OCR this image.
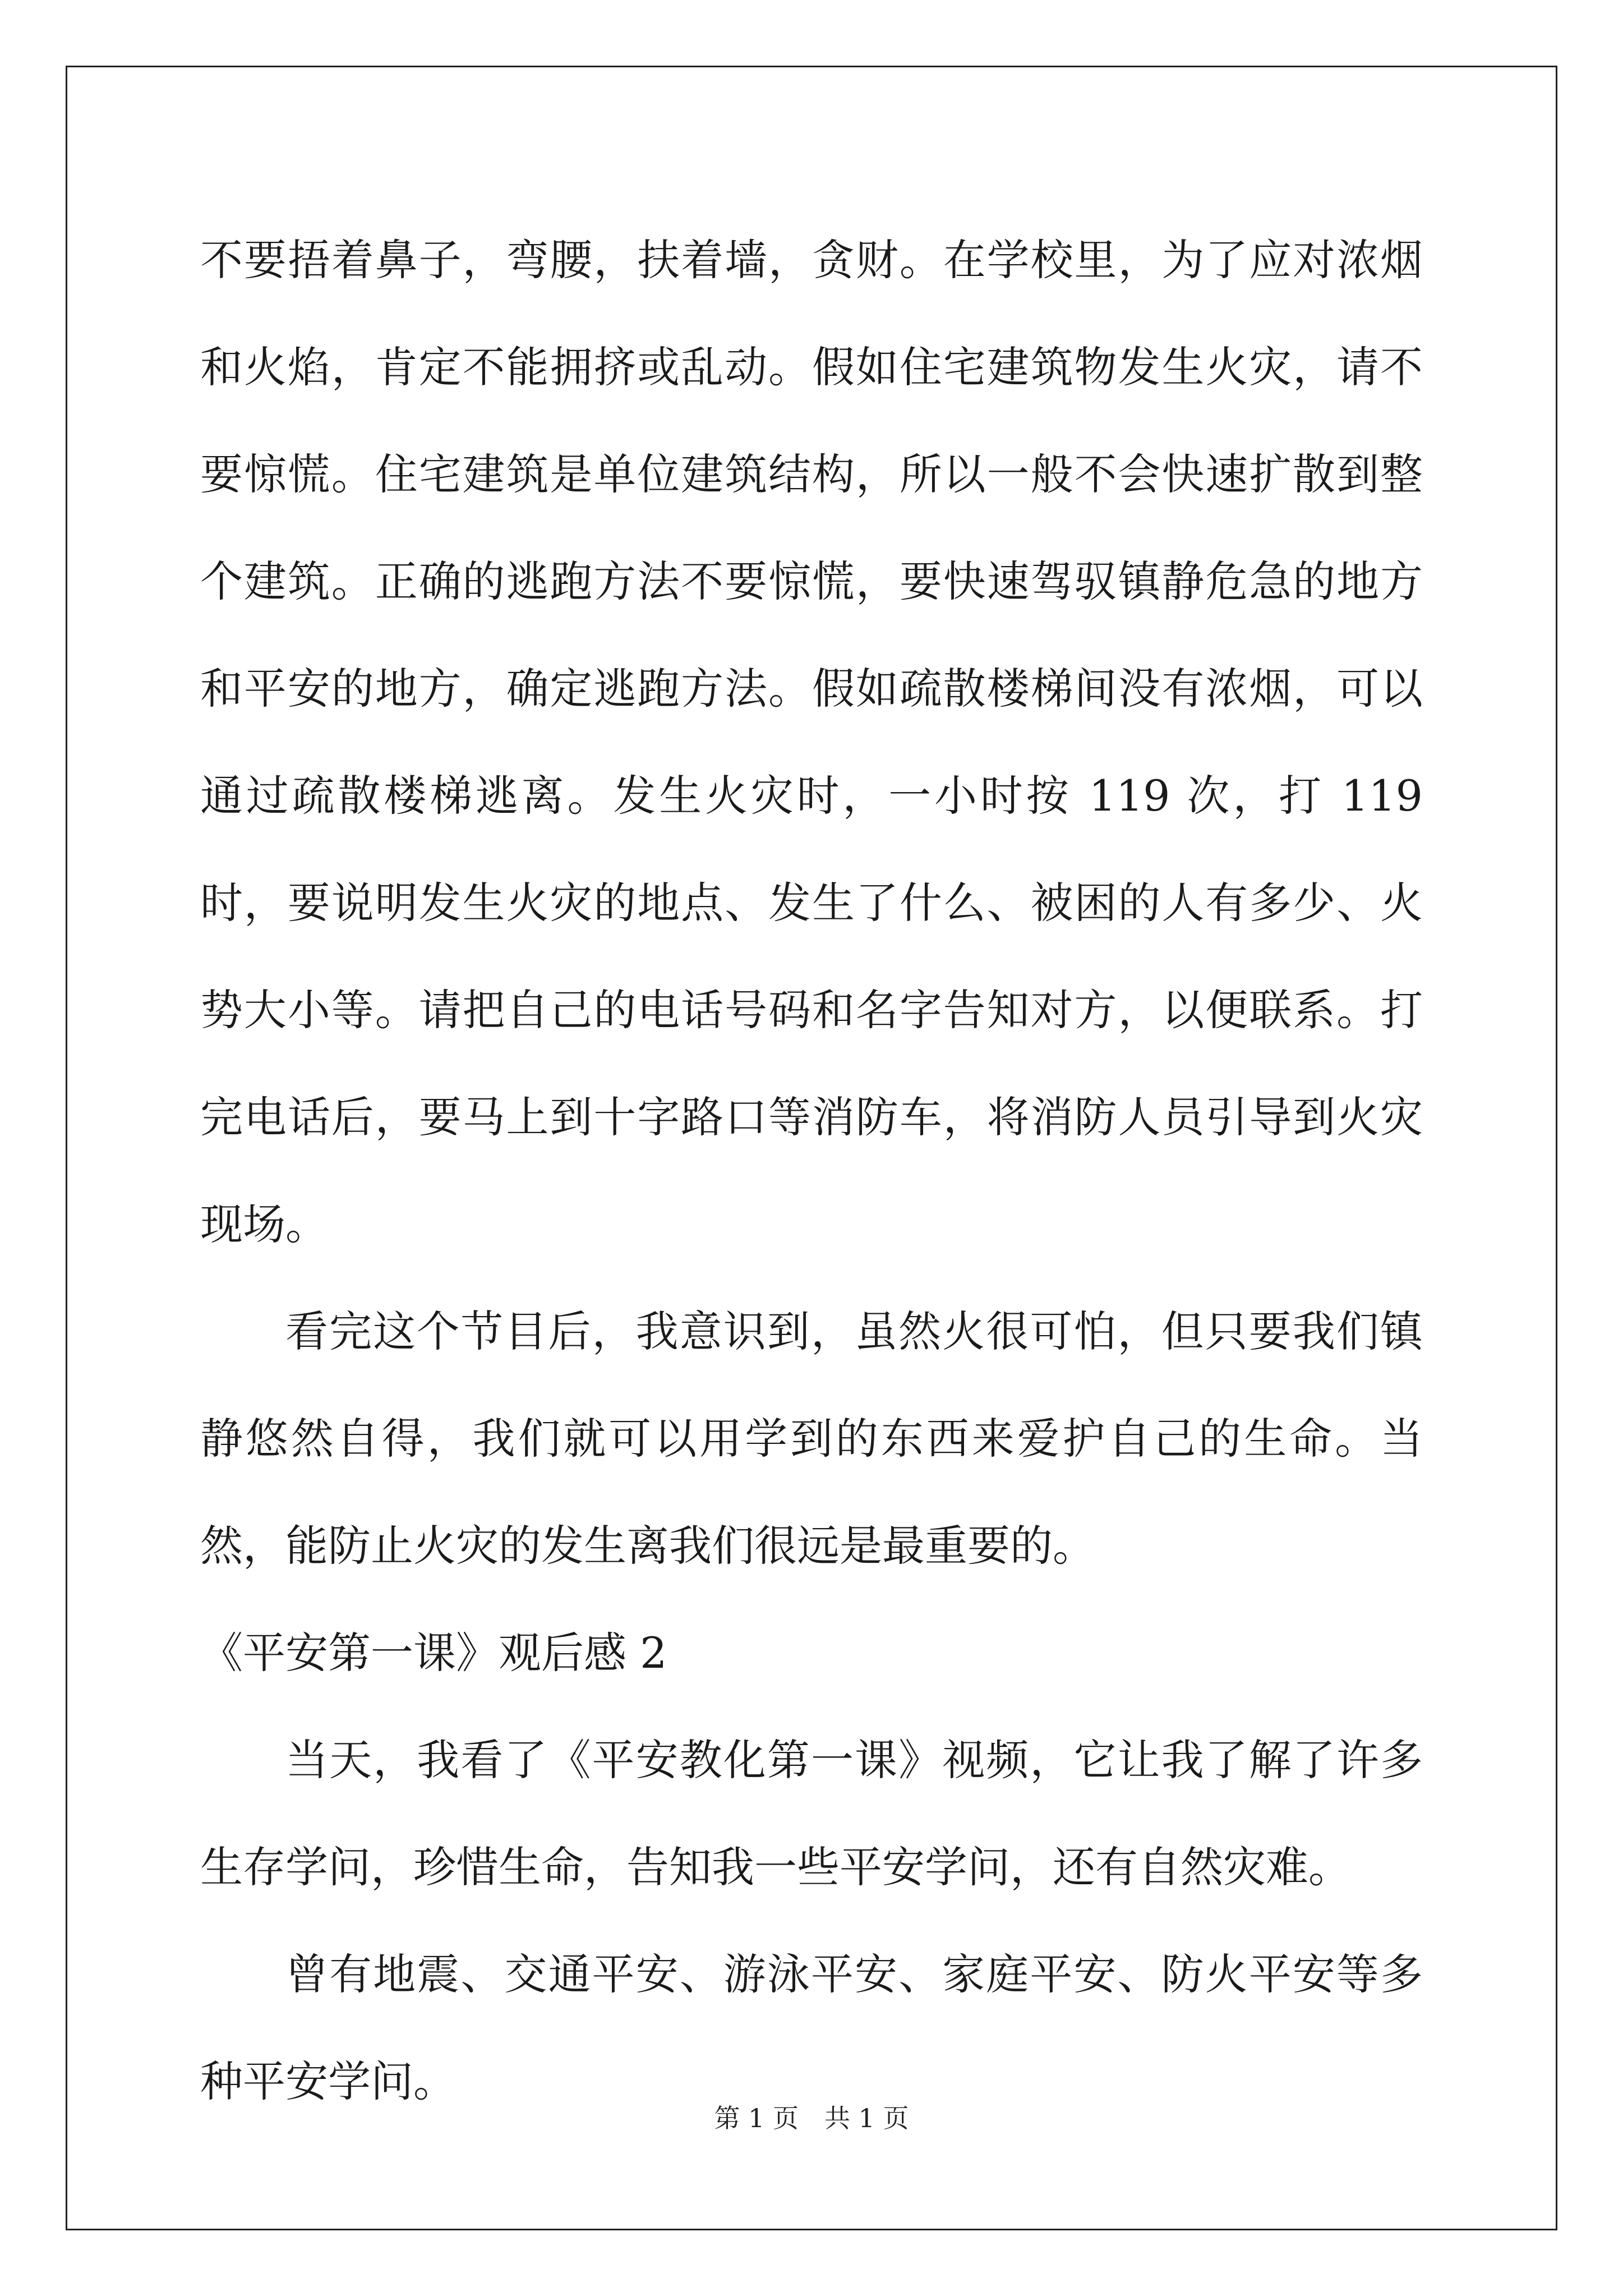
不要捂着鼻子，弯腰，扶着墙，贪财。在学校里，为了应对浓烟和火焰，肯定不能拥挤或乱动。假如住宅建筑物发生火灾，请不要惊慌。住宅建筑是单位建筑结构，所以一般不会快速扩散到整个建筑。正确的逃跑方法不要惊慌，要快速驾驭镇静危急的地方和平安的地方，确定逃跑方法。假如疏散楼梯间没有浓烟，可以通过疏散楼梯逃离。发生火灾时，一小时按 119 次，打 119 时，要说明发生火灾的地点、发生了什么、被困的人有多少、火势大小等。请把自己的电话号码和名字告知对方，以便联系。打完电话后，要马上到十字路口等消防车，将消防人员引导到火灾现场。

看完这个节目后，我意识到，虽然火很可怕，但只要我们镇静悠然自得，我们就可以用学到的东西来爱护自己的生命。当然，能防止火灾的发生离我们很远是最重要的。

《平安第一课》观后感 2

当天，我看了《平安教化第一课》视频，它让我了解了许多生存学问，珍惜生命，告知我一些平安学问，还有自然灾难。

曾有地震、交通平安、游泳平安、家庭平安、防火平安等多种平安学问。

第 1 页　共 1 页
